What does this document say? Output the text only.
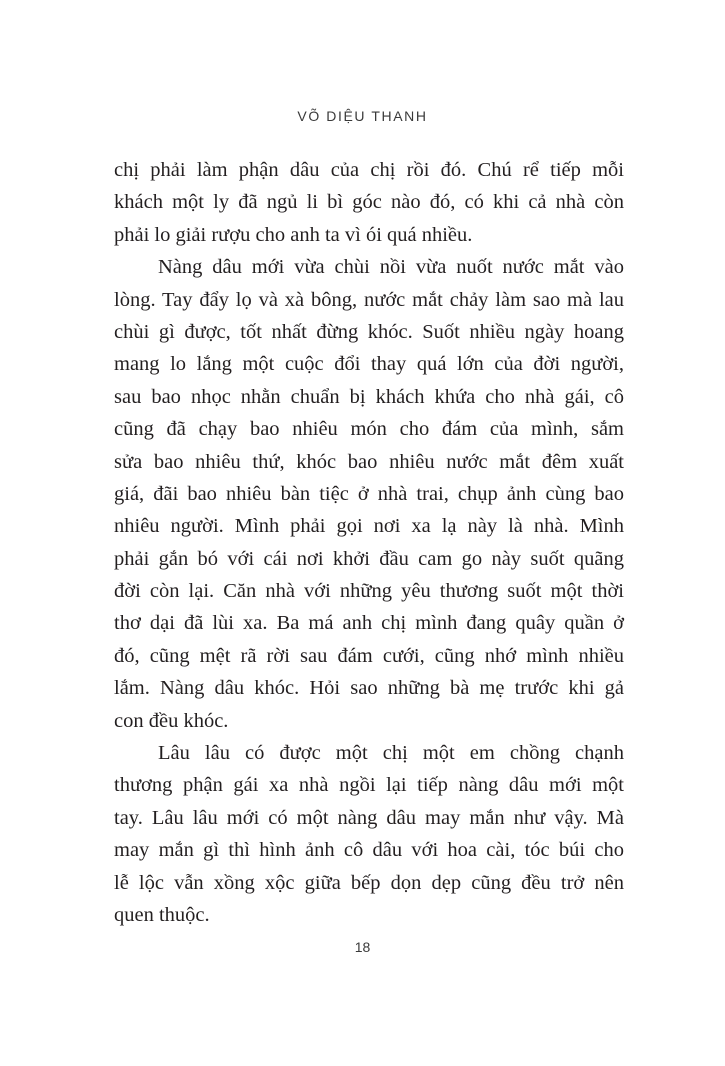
VÕ DIỆU THANH
chị phải làm phận dâu của chị rồi đó. Chú rể tiếp mỗi
khách một ly đã ngủ li bì góc nào đó, có khi cả nhà còn
phải lo giải rượu cho anh ta vì ói quá nhiều.
Nàng dâu mới vừa chùi nồi vừa nuốt nước mắt vào
lòng. Tay đẩy lọ và xà bông, nước mắt chảy làm sao mà lau
chùi gì được, tốt nhất đừng khóc. Suốt nhiều ngày hoang
mang lo lắng một cuộc đổi thay quá lớn của đời người,
sau bao nhọc nhằn chuẩn bị khách khứa cho nhà gái, cô
cũng đã chạy bao nhiêu món cho đám của mình, sắm
sửa bao nhiêu thứ, khóc bao nhiêu nước mắt đêm xuất
giá, đãi bao nhiêu bàn tiệc ở nhà trai, chụp ảnh cùng bao
nhiêu người. Mình phải gọi nơi xa lạ này là nhà. Mình
phải gắn bó với cái nơi khởi đầu cam go này suốt quãng
đời còn lại. Căn nhà với những yêu thương suốt một thời
thơ dại đã lùi xa. Ba má anh chị mình đang quây quần ở
đó, cũng mệt rã rời sau đám cưới, cũng nhớ mình nhiều
lắm. Nàng dâu khóc. Hỏi sao những bà mẹ trước khi gả
con đều khóc.
Lâu lâu có được một chị một em chồng chạnh
thương phận gái xa nhà ngồi lại tiếp nàng dâu mới một
tay. Lâu lâu mới có một nàng dâu may mắn như vậy. Mà
may mắn gì thì hình ảnh cô dâu với hoa cài, tóc búi cho
lễ lộc vẫn xồng xộc giữa bếp dọn dẹp cũng đều trở nên
quen thuộc.
18
